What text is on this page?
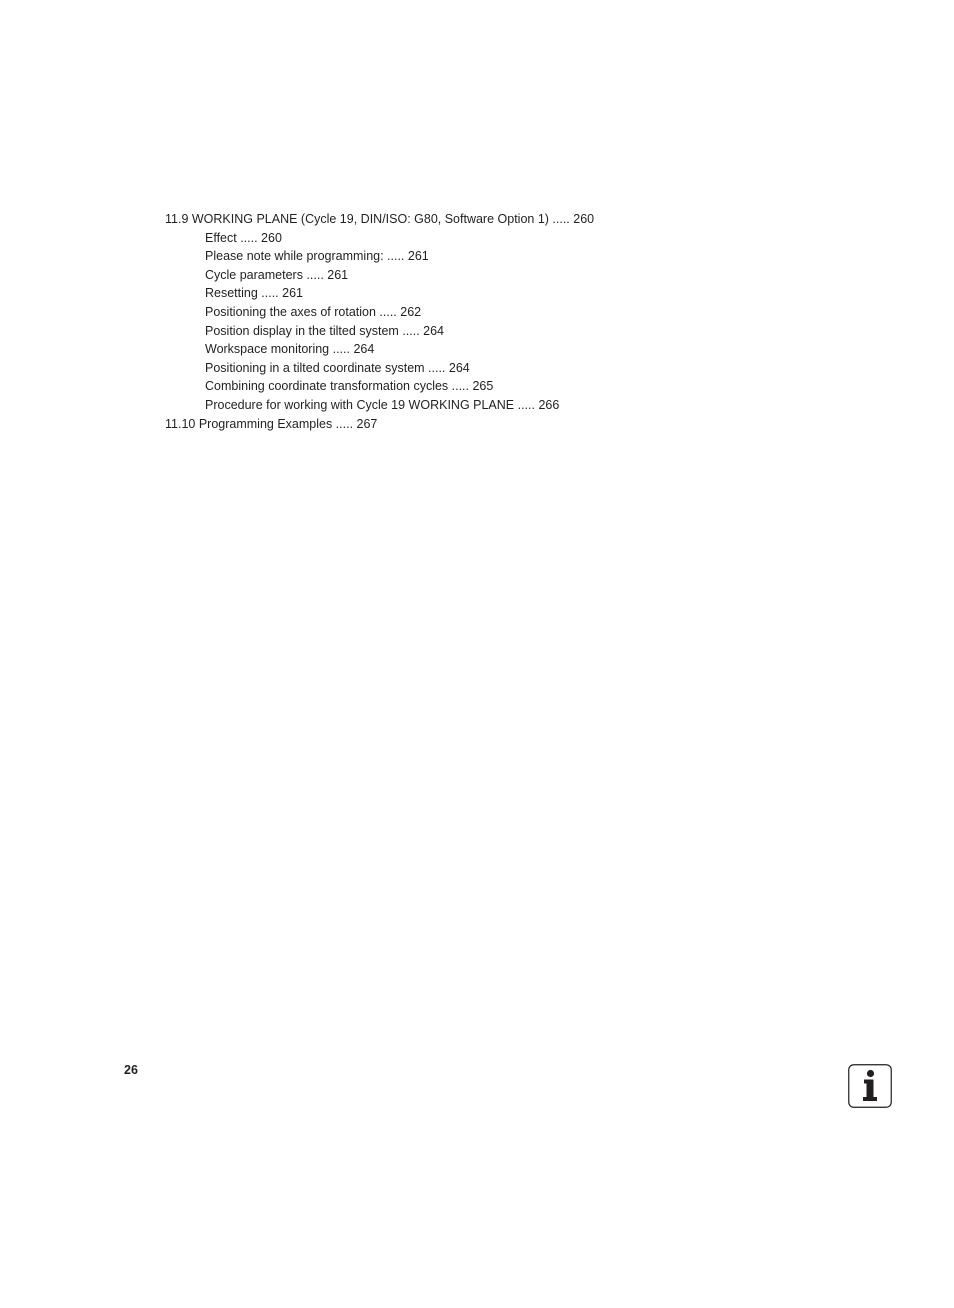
11.9 WORKING PLANE (Cycle 19, DIN/ISO: G80, Software Option 1) ..... 260
Effect ..... 260
Please note while programming: ..... 261
Cycle parameters ..... 261
Resetting ..... 261
Positioning the axes of rotation ..... 262
Position display in the tilted system ..... 264
Workspace monitoring ..... 264
Positioning in a tilted coordinate system ..... 264
Combining coordinate transformation cycles ..... 265
Procedure for working with Cycle 19 WORKING PLANE ..... 266
11.10 Programming Examples ..... 267
26
